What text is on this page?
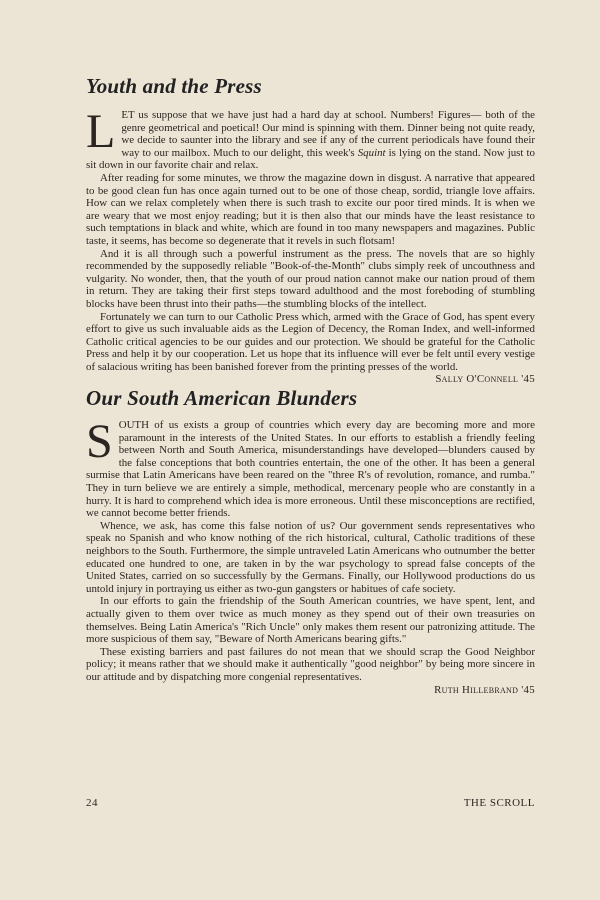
Youth and the Press

LET us suppose that we have just had a hard day at school. Numbers! Figures— both of the genre geometrical and poetical! Our mind is spinning with them. Dinner being not quite ready, we decide to saunter into the library and see if any of the current periodicals have found their way to our mailbox. Much to our delight, this week's Squint is lying on the stand. Now just to sit down in our favorite chair and relax.

After reading for some minutes, we throw the magazine down in disgust. A narrative that appeared to be good clean fun has once again turned out to be one of those cheap, sordid, triangle love affairs. How can we relax completely when there is such trash to excite our poor tired minds. It is when we are weary that we most enjoy reading; but it is then also that our minds have the least resistance to such temptations in black and white, which are found in too many newspapers and magazines. Public taste, it seems, has become so degenerate that it revels in such flotsam!

And it is all through such a powerful instrument as the press. The novels that are so highly recommended by the supposedly reliable "Book-of-the-Month" clubs simply reek of uncouthness and vulgarity. No wonder, then, that the youth of our proud nation cannot make our nation proud of them in return. They are taking their first steps toward adulthood and the most foreboding of stumbling blocks have been thrust into their paths—the stumbling blocks of the intellect.

Fortunately we can turn to our Catholic Press which, armed with the Grace of God, has spent every effort to give us such invaluable aids as the Legion of Decency, the Roman Index, and well-informed Catholic critical agencies to be our guides and our protection. We should be grateful for the Catholic Press and help it by our cooperation. Let us hope that its influence will ever be felt until every vestige of salacious writing has been banished forever from the printing presses of the world.

Sally O'Connell '45
Our South American Blunders

SOUTH of us exists a group of countries which every day are becoming more and more paramount in the interests of the United States. In our efforts to establish a friendly feeling between North and South America, misunderstandings have developed—blunders caused by the false conceptions that both countries entertain, the one of the other. It has been a general surmise that Latin Americans have been reared on the "three R's of revolution, romance, and rumba." They in turn believe we are entirely a simple, methodical, mercenary people who are constantly in a hurry. It is hard to comprehend which idea is more erroneous. Until these misconceptions are rectified, we cannot become better friends.

Whence, we ask, has come this false notion of us? Our government sends representatives who speak no Spanish and who know nothing of the rich historical, cultural, Catholic traditions of these neighbors to the South. Furthermore, the simple untraveled Latin Americans who outnumber the better educated one hundred to one, are taken in by the war psychology to spread false concepts of the United States, carried on so successfully by the Germans. Finally, our Hollywood productions do us untold injury in portraying us either as two-gun gangsters or habitues of cafe society.

In our efforts to gain the friendship of the South American countries, we have spent, lent, and actually given to them over twice as much money as they spend out of their own treasuries on themselves. Being Latin America's "Rich Uncle" only makes them resent our patronizing attitude. The more suspicious of them say, "Beware of North Americans bearing gifts."

These existing barriers and past failures do not mean that we should scrap the Good Neighbor policy; it means rather that we should make it authentically "good neighbor" by being more sincere in our attitude and by dispatching more congenial representatives.

Ruth Hillebrand '45
24	THE SCROLL
